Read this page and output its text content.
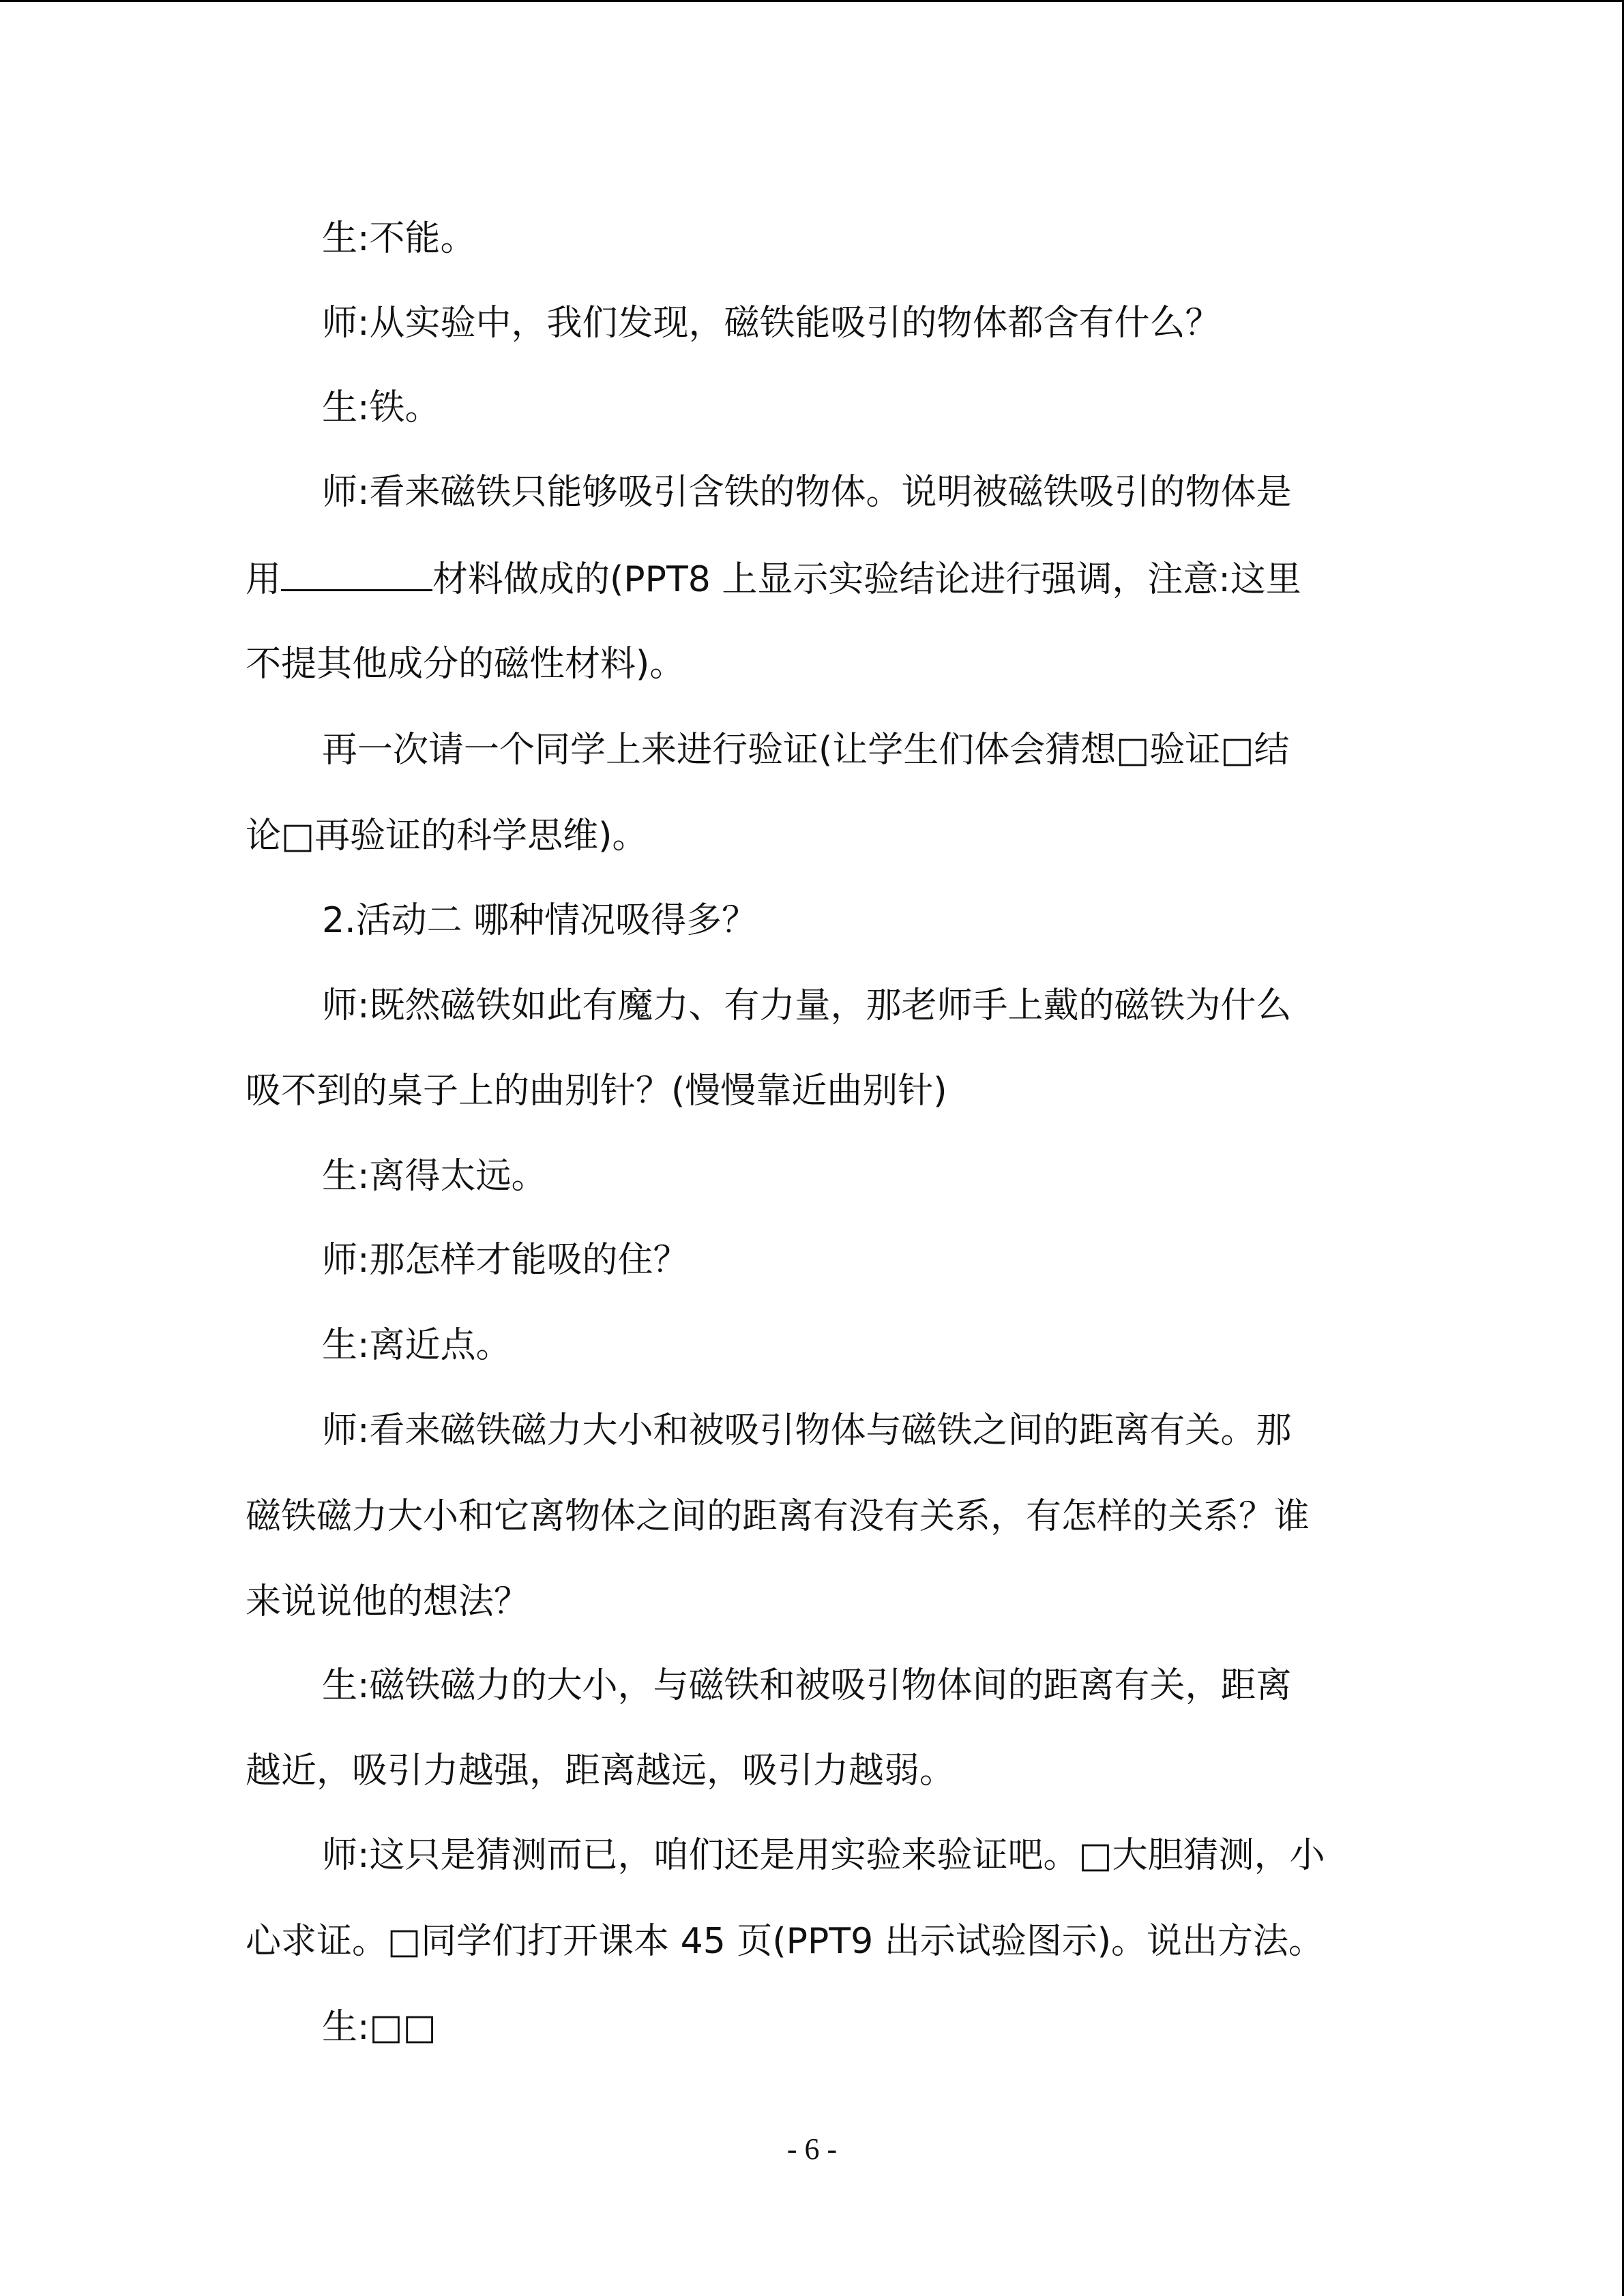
生:不能。
师:从实验中，我们发现，磁铁能吸引的物体都含有什么？
生:铁。
师:看来磁铁只能够吸引含铁的物体。说明被磁铁吸引的物体是
用	材料做成的(PPT8 上显示实验结论进行强调，注意:这里
不提其他成分的磁性材料)。
再一次请一个同学上来进行验证(让学生们体会猜想□验证□结
论□再验证的科学思维)。
2.活动二 哪种情况吸得多？
师:既然磁铁如此有魔力、有力量，那老师手上戴的磁铁为什么
吸不到的桌子上的曲别针？(慢慢靠近曲别针)
生:离得太远。
师:那怎样才能吸的住？
生:离近点。
师:看来磁铁磁力大小和被吸引物体与磁铁之间的距离有关。那
磁铁磁力大小和它离物体之间的距离有没有关系，有怎样的关系？谁
来说说他的想法？
生:磁铁磁力的大小，与磁铁和被吸引物体间的距离有关，距离
越近，吸引力越强，距离越远，吸引力越弱。
师:这只是猜测而已，咱们还是用实验来验证吧。□大胆猜测，小
心求证。□同学们打开课本 45 页(PPT9 出示试验图示)。说出方法。
生:□□
- 6 -
